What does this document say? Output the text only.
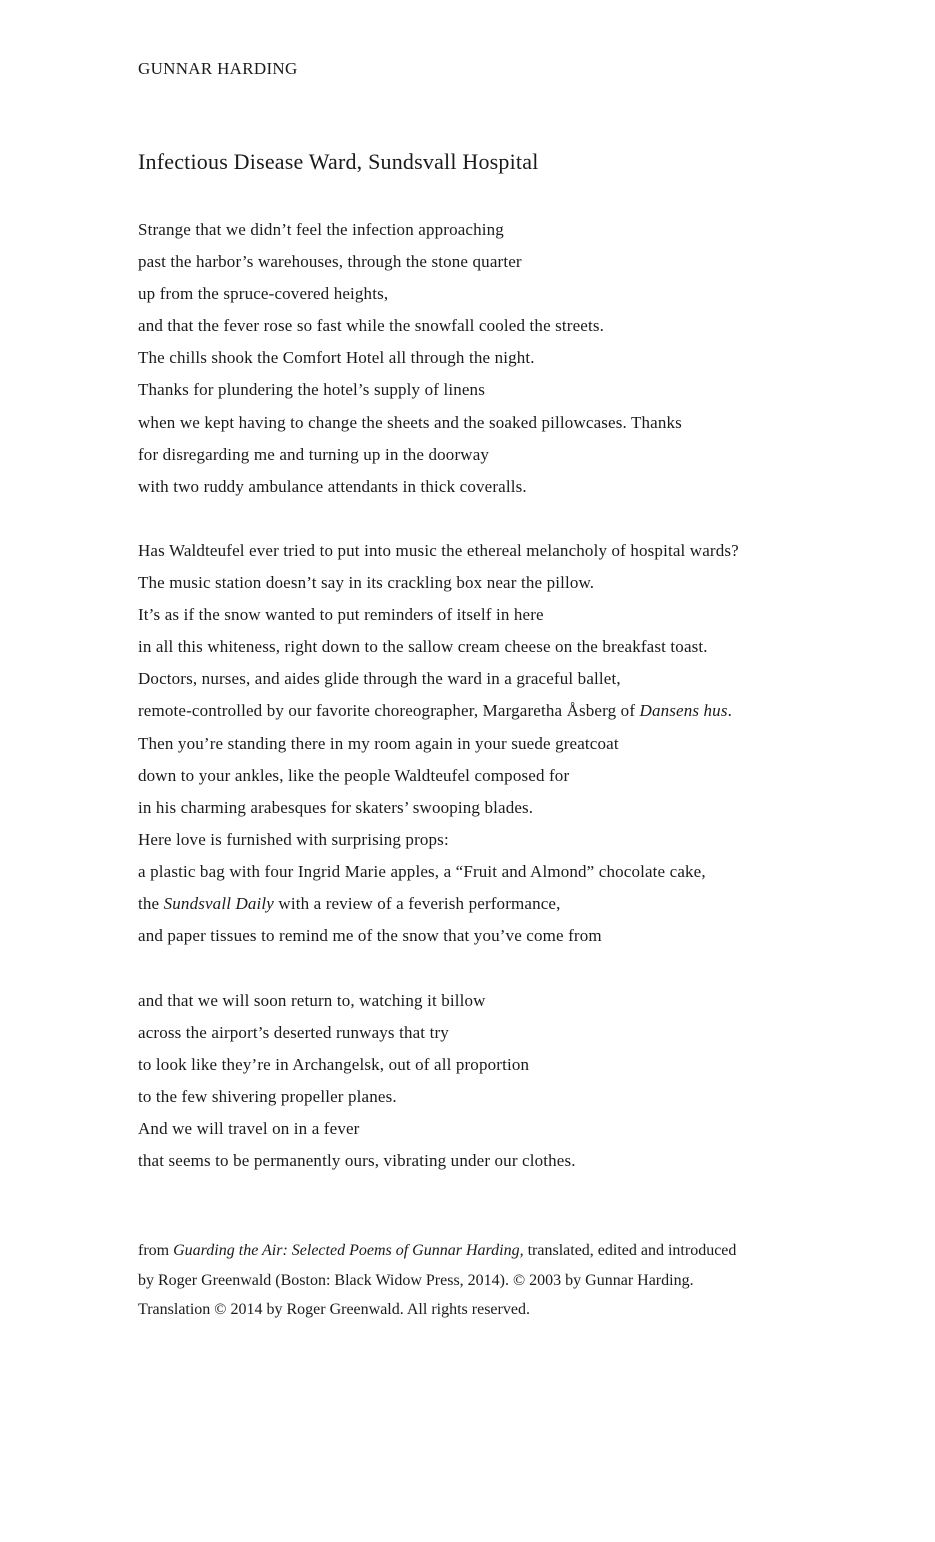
GUNNAR HARDING
Infectious Disease Ward, Sundsvall Hospital
Strange that we didn’t feel the infection approaching
past the harbor’s warehouses, through the stone quarter
up from the spruce-covered heights,
and that the fever rose so fast while the snowfall cooled the streets.
The chills shook the Comfort Hotel all through the night.
Thanks for plundering the hotel’s supply of linens
when we kept having to change the sheets and the soaked pillowcases. Thanks
for disregarding me and turning up in the doorway
with two ruddy ambulance attendants in thick coveralls.
Has Waldteufel ever tried to put into music the ethereal melancholy of hospital wards?
The music station doesn’t say in its crackling box near the pillow.
It’s as if the snow wanted to put reminders of itself in here
in all this whiteness, right down to the sallow cream cheese on the breakfast toast.
Doctors, nurses, and aides glide through the ward in a graceful ballet,
remote-controlled by our favorite choreographer, Margaretha Åsberg of Dansens hus.
Then you’re standing there in my room again in your suede greatcoat
down to your ankles, like the people Waldteufel composed for
in his charming arabesques for skaters’ swooping blades.
Here love is furnished with surprising props:
a plastic bag with four Ingrid Marie apples, a “Fruit and Almond” chocolate cake,
the Sundsvall Daily with a review of a feverish performance,
and paper tissues to remind me of the snow that you’ve come from
and that we will soon return to, watching it billow
across the airport’s deserted runways that try
to look like they’re in Archangelsk, out of all proportion
to the few shivering propeller planes.
And we will travel on in a fever
that seems to be permanently ours, vibrating under our clothes.
from Guarding the Air: Selected Poems of Gunnar Harding, translated, edited and introduced by Roger Greenwald (Boston: Black Widow Press, 2014). © 2003 by Gunnar Harding. Translation © 2014 by Roger Greenwald. All rights reserved.
